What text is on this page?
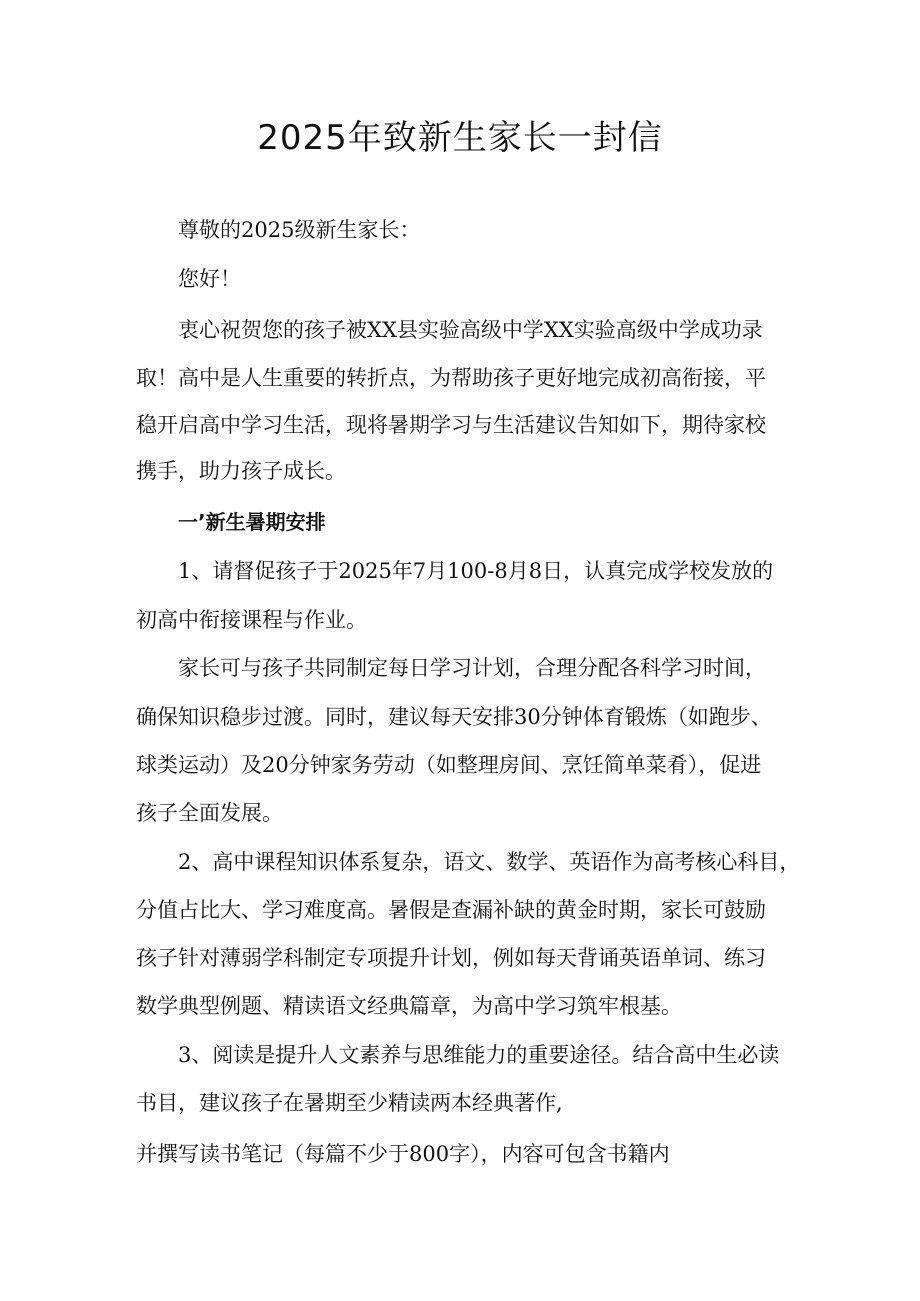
2025年致新生家长一封信
尊敬的2025级新生家长：
您好！
衷心祝贺您的孩子被XX县实验高级中学XX实验高级中学成功录
取！高中是人生重要的转折点，为帮助孩子更好地完成初高衔接，平
稳开启高中学习生活，现将暑期学习与生活建议告知如下，期待家校
携手，助力孩子成长。
一’新生暑期安排
1、请督促孩子于2025年7月100-8月8日，认真完成学校发放的
初高中衔接课程与作业。
家长可与孩子共同制定每日学习计划，合理分配各科学习时间，
确保知识稳步过渡。同时，建议每天安排30分钟体育锻炼（如跑步、
球类运动）及20分钟家务劳动（如整理房间、烹饪简单菜肴），促进
孩子全面发展。
2、高中课程知识体系复杂，语文、数学、英语作为高考核心科目，
分值占比大、学习难度高。暑假是查漏补缺的黄金时期，家长可鼓励
孩子针对薄弱学科制定专项提升计划，例如每天背诵英语单词、练习
数学典型例题、精读语文经典篇章，为高中学习筑牢根基。
3、阅读是提升人文素养与思维能力的重要途径。结合高中生必读
书目，建议孩子在暑期至少精读两本经典著作,
并撰写读书笔记（每篇不少于800字），内容可包含书籍内
